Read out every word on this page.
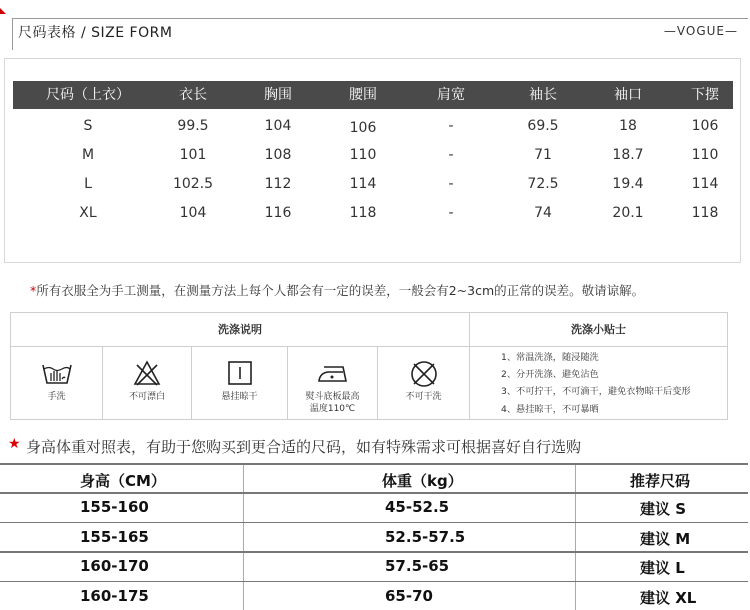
尺码表格 / SIZE FORM	—VOGUE—
尺码（上衣）	衣长	胸围	腰围	肩宽	袖长	袖口	下摆
S	99.5	104	106	-	69.5	18	106
M	101	108	110	-	71	18.7	110
L	102.5	112	114	-	72.5	19.4	114
XL	104	116	118	-	74	20.1	118
*所有衣服全为手工测量，在测量方法上每个人都会有一定的误差，一般会有2~3cm的正常的误差。敬请谅解。
洗涤说明	洗涤小贴士
手洗	不可漂白	悬挂晾干	熨斗底板最高
温度110℃
不可干洗
1、常温洗涤，随浸随洗
2、分开洗涤、避免沾色
3、不可拧干，不可滴干，避免衣物晾干后变形
4、悬挂晾干，不可暴晒
★ 身高体重对照表，有助于您购买到更合适的尺码，如有特殊需求可根据喜好自行选购
身高（CM）	体重（kg）	推荐尺码
155-160	45-52.5	建议 S
155-165	52.5-57.5	建议 M
160-170	57.5-65	建议 L
160-175	65-70	建议 XL
